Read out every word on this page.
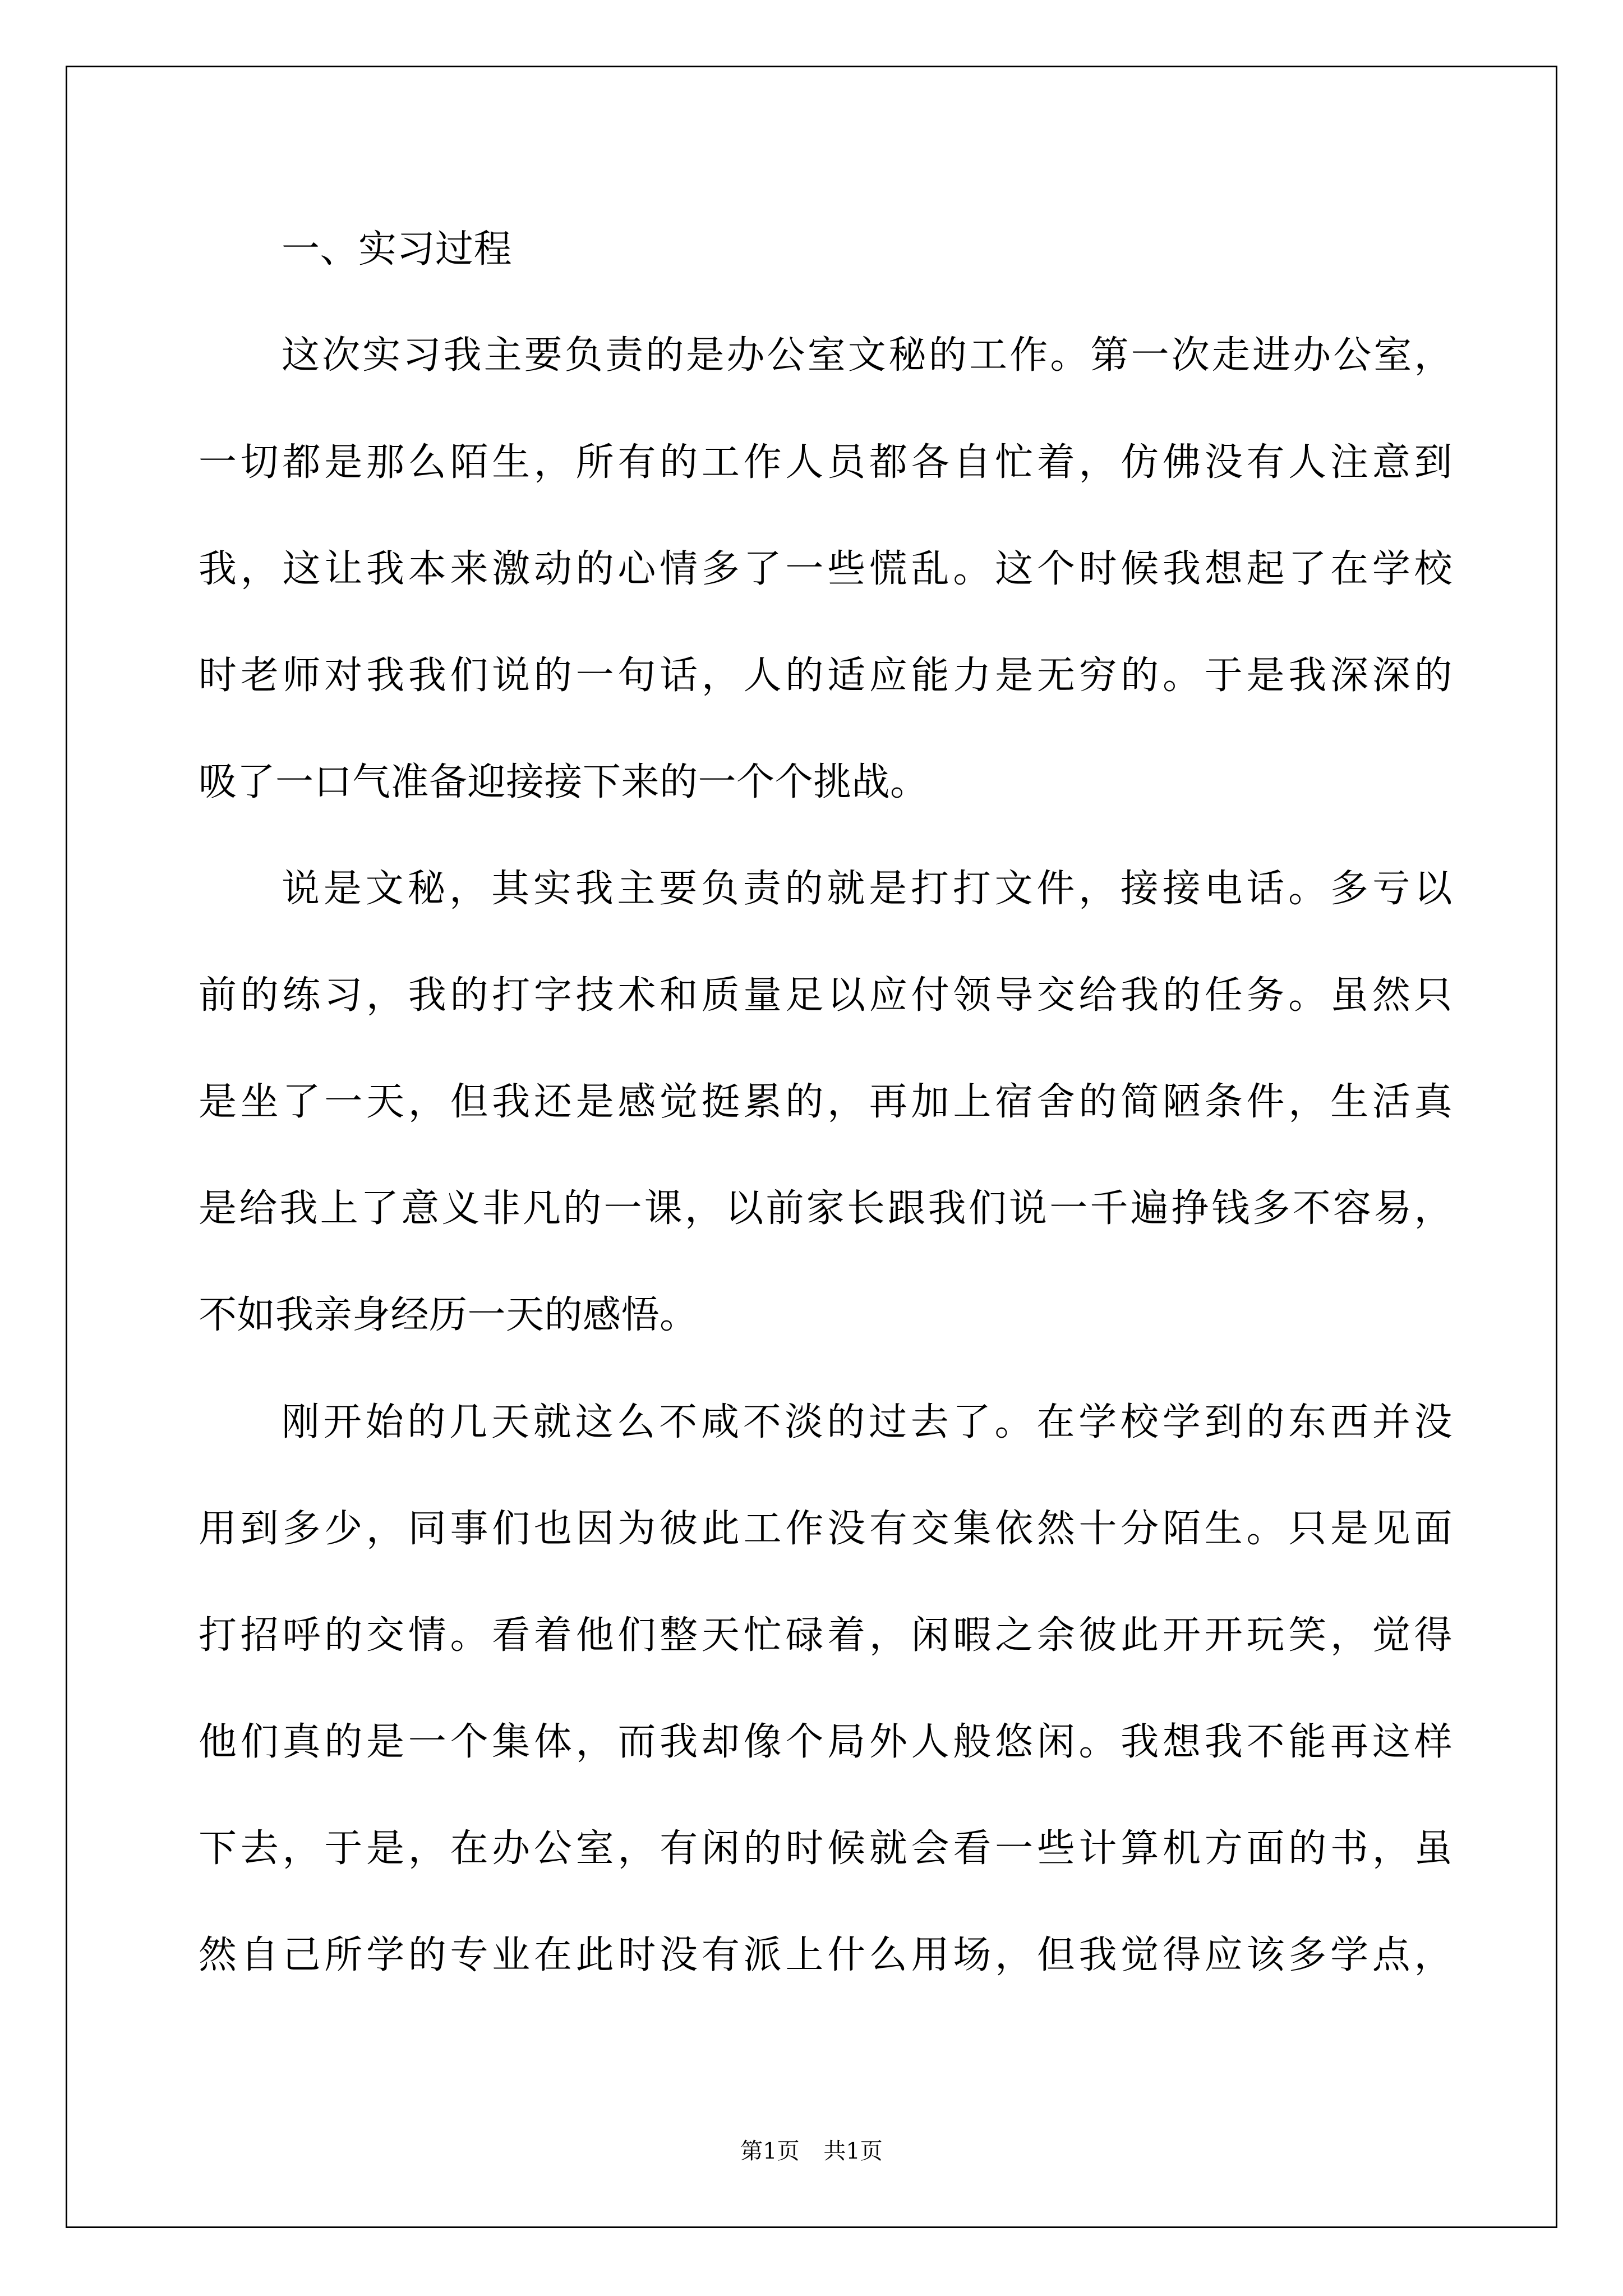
一、实习过程

这次实习我主要负责的是办公室文秘的工作。第一次走进办公室，

一切都是那么陌生，所有的工作人员都各自忙着，仿佛没有人注意到

我，这让我本来激动的心情多了一些慌乱。这个时候我想起了在学校

时老师对我我们说的一句话，人的适应能力是无穷的。于是我深深的

吸了一口气准备迎接接下来的一个个挑战。

说是文秘，其实我主要负责的就是打打文件，接接电话。多亏以

前的练习，我的打字技术和质量足以应付领导交给我的任务。虽然只

是坐了一天，但我还是感觉挺累的，再加上宿舍的简陋条件，生活真

是给我上了意义非凡的一课，以前家长跟我们说一千遍挣钱多不容易，

不如我亲身经历一天的感悟。

刚开始的几天就这么不咸不淡的过去了。在学校学到的东西并没

用到多少，同事们也因为彼此工作没有交集依然十分陌生。只是见面

打招呼的交情。看着他们整天忙碌着，闲暇之余彼此开开玩笑，觉得

他们真的是一个集体，而我却像个局外人般悠闲。我想我不能再这样

下去，于是，在办公室，有闲的时候就会看一些计算机方面的书，虽

然自己所学的专业在此时没有派上什么用场，但我觉得应该多学点，

第1页 共1页
